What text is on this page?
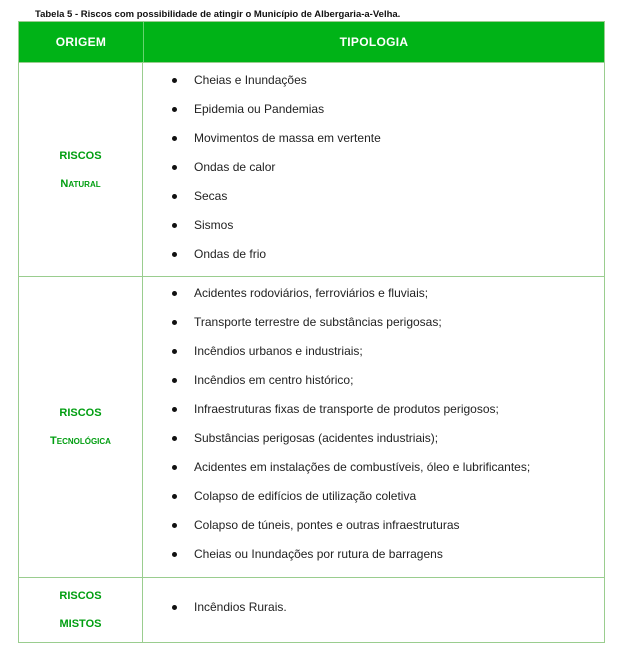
Tabela 5 - Riscos com possibilidade de atingir o Município de Albergaria-a-Velha.
ORIGEM	TIPOLOGIA
RISCOS
Natural
Cheias e Inundações
Epidemia ou Pandemias
Movimentos de massa em vertente
Ondas de calor
Secas
Sismos
Ondas de frio
RISCOS
Tecnológica
Acidentes rodoviários, ferroviários e fluviais;
Transporte terrestre de substâncias perigosas;
Incêndios urbanos e industriais;
Incêndios em centro histórico;
Infraestruturas fixas de transporte de produtos perigosos;
Substâncias perigosas (acidentes industriais);
Acidentes em instalações de combustíveis, óleo e lubrificantes;
Colapso de edifícios de utilização coletiva
Colapso de túneis, pontes e outras infraestruturas
Cheias ou Inundações por rutura de barragens
RISCOS
MISTOS
Incêndios Rurais.
